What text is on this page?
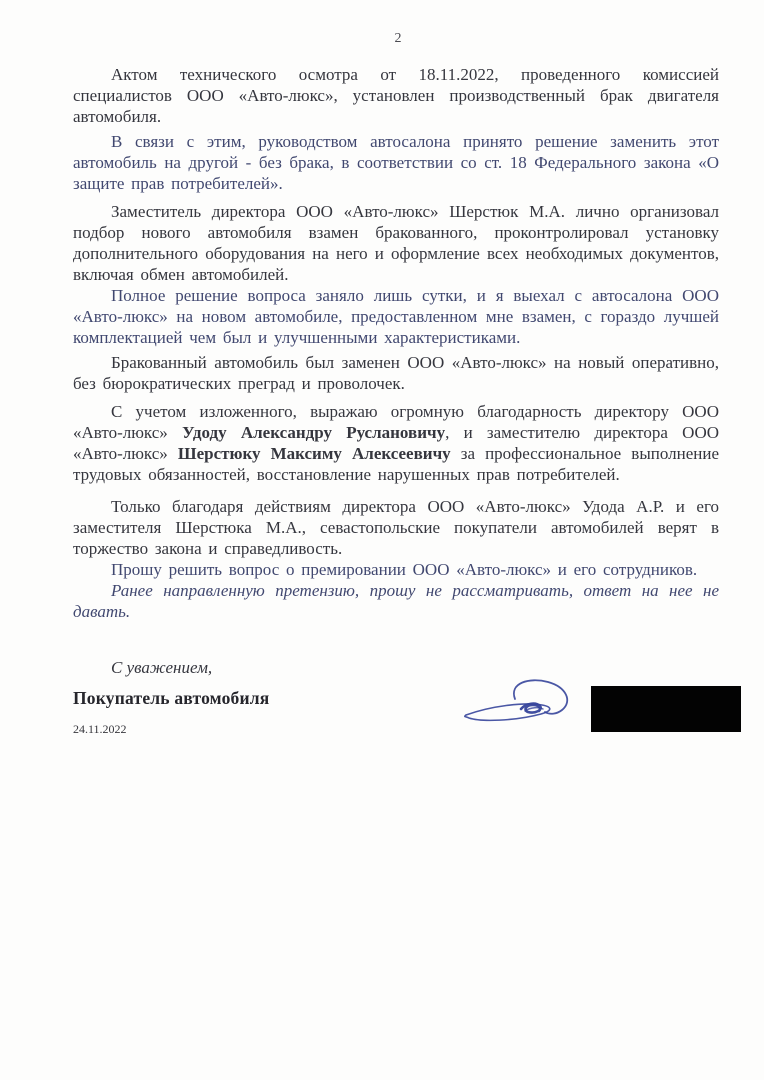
2

Актом технического осмотра от 18.11.2022, проведенного комиссией специалистов ООО «Авто-люкс», установлен производственный брак двигателя автомобиля.

В связи с этим, руководством автосалона принято решение заменить этот автомобиль на другой - без брака, в соответствии со ст. 18 Федерального закона «О защите прав потребителей».

Заместитель директора ООО «Авто-люкс» Шерстюк М.А. лично организовал подбор нового автомобиля взамен бракованного, проконтролировал установку дополнительного оборудования на него и оформление всех необходимых документов, включая обмен автомобилей.

Полное решение вопроса заняло лишь сутки, и я выехал с автосалона ООО «Авто-люкс» на новом автомобиле, предоставленном мне взамен, с гораздо лучшей комплектацией чем был и улучшенными характеристиками.

Бракованный автомобиль был заменен ООО «Авто-люкс» на новый оперативно, без бюрократических преград и проволочек.

С учетом изложенного, выражаю огромную благодарность директору ООО «Авто-люкс» Удоду Александру Руслановичу, и заместителю директора ООО «Авто-люкс» Шерстюку Максиму Алексеевичу за профессиональное выполнение трудовых обязанностей, восстановление нарушенных прав потребителей.

Только благодаря действиям директора ООО «Авто-люкс» Удода А.Р. и его заместителя Шерстюка М.А., севастопольские покупатели автомобилей верят в торжество закона и справедливость.

Прошу решить вопрос о премировании ООО «Авто-люкс» и его сотрудников.

Ранее направленную претензию, прошу не рассматривать, ответ на нее не давать.

С уважением,
Покупатель автомобиля
24.11.2022
